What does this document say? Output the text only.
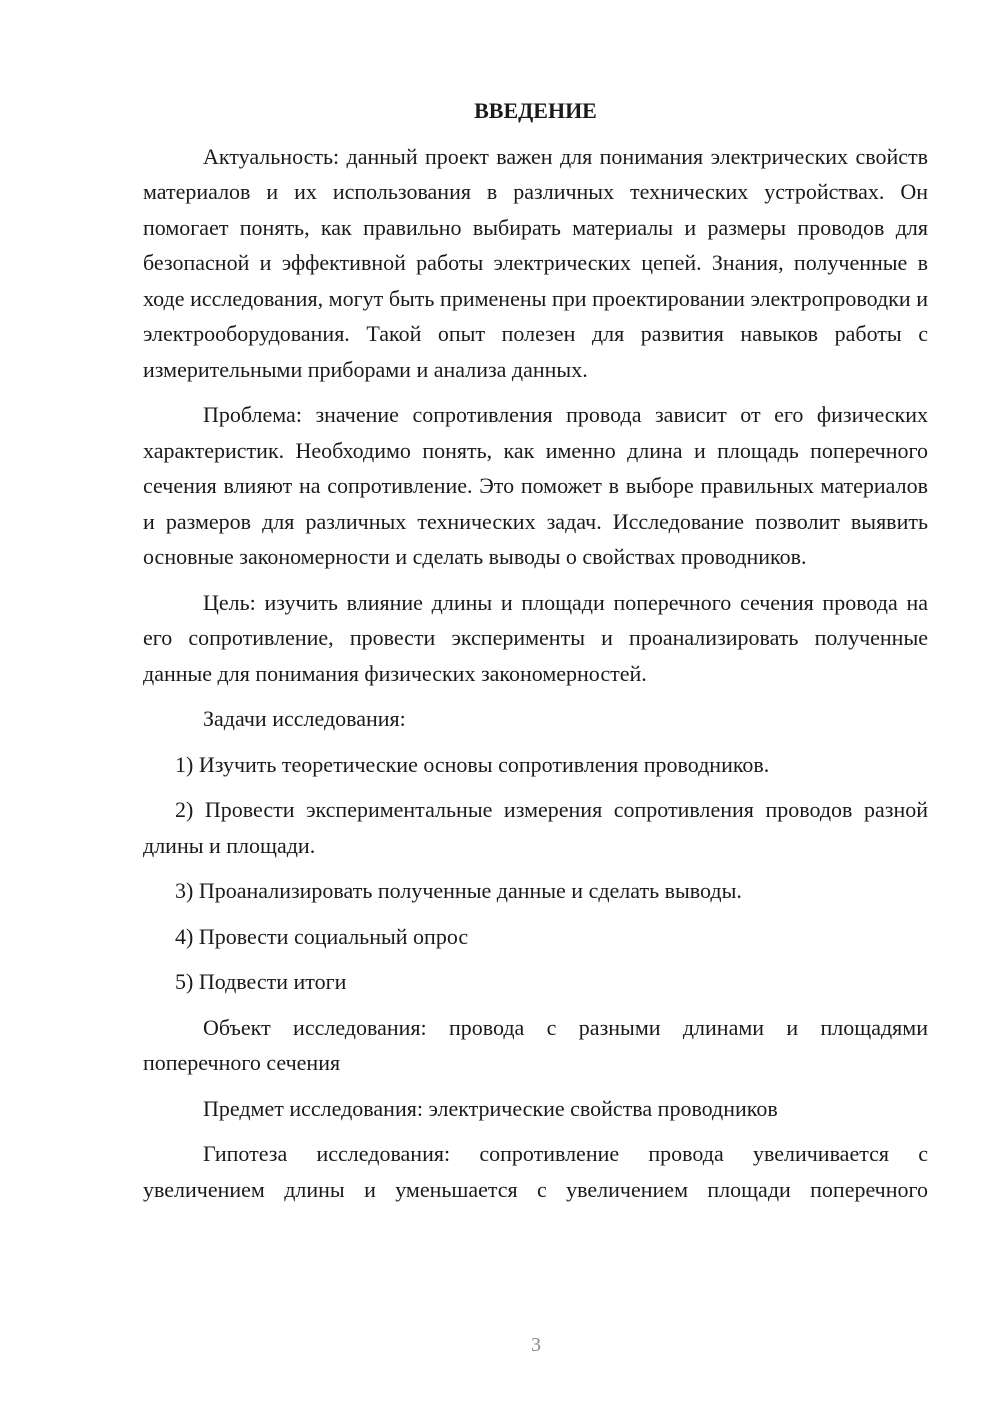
ВВЕДЕНИЕ

Актуальность: данный проект важен для понимания электрических свойств материалов и их использования в различных технических устройствах. Он помогает понять, как правильно выбирать материалы и размеры проводов для безопасной и эффективной работы электрических цепей. Знания, полученные в ходе исследования, могут быть применены при проектировании электропроводки и электрооборудования. Такой опыт полезен для развития навыков работы с измерительными приборами и анализа данных.

Проблема: значение сопротивления провода зависит от его физических характеристик. Необходимо понять, как именно длина и площадь поперечного сечения влияют на сопротивление. Это поможет в выборе правильных материалов и размеров для различных технических задач. Исследование позволит выявить основные закономерности и сделать выводы о свойствах проводников.

Цель: изучить влияние длины и площади поперечного сечения провода на его сопротивление, провести эксперименты и проанализировать полученные данные для понимания физических закономерностей.

Задачи исследования:

1) Изучить теоретические основы сопротивления проводников.

2) Провести экспериментальные измерения сопротивления проводов разной длины и площади.

3) Проанализировать полученные данные и сделать выводы.

4) Провести социальный опрос

5) Подвести итоги

Объект исследования: провода с разными длинами и площадями поперечного сечения

Предмет исследования: электрические свойства проводников

Гипотеза исследования: сопротивление провода увеличивается с увеличением длины и уменьшается с увеличением площади поперечного

3
